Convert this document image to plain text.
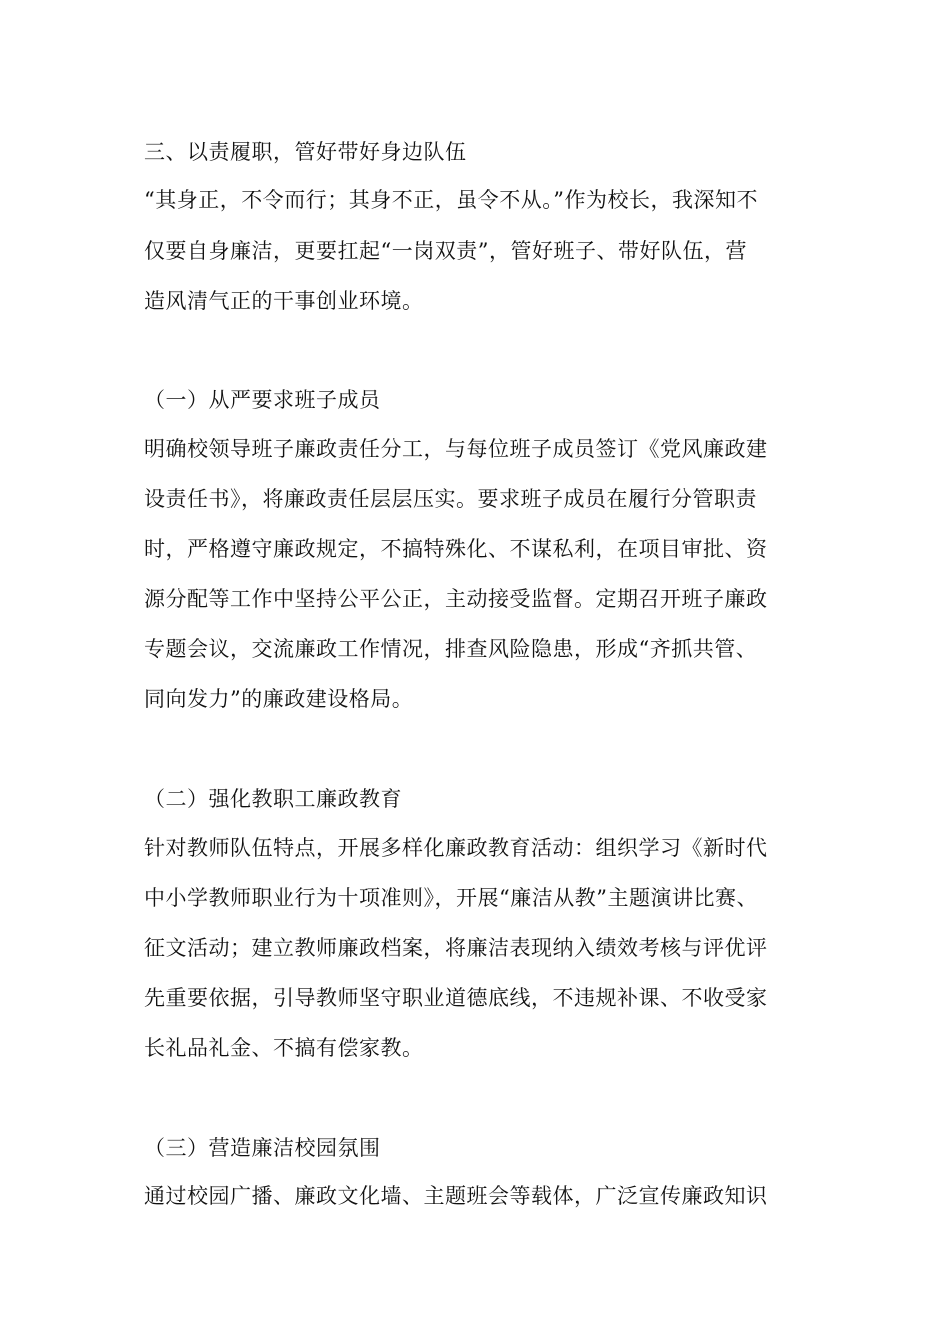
三、以责履职，管好带好身边队伍
“其身正，不令而行；其身不正，虽令不从。”作为校长，我深知不
仅要自身廉洁，更要扛起“一岗双责”，管好班子、带好队伍，营
造风清气正的干事创业环境。
（一）从严要求班子成员
明确校领导班子廉政责任分工，与每位班子成员签订《党风廉政建
设责任书》，将廉政责任层层压实。要求班子成员在履行分管职责
时，严格遵守廉政规定，不搞特殊化、不谋私利，在项目审批、资
源分配等工作中坚持公平公正，主动接受监督。定期召开班子廉政
专题会议，交流廉政工作情况，排查风险隐患，形成“齐抓共管、
同向发力”的廉政建设格局。
（二）强化教职工廉政教育
针对教师队伍特点，开展多样化廉政教育活动：组织学习《新时代
中小学教师职业行为十项准则》，开展“廉洁从教”主题演讲比赛、
征文活动；建立教师廉政档案，将廉洁表现纳入绩效考核与评优评
先重要依据，引导教师坚守职业道德底线，不违规补课、不收受家
长礼品礼金、不搞有偿家教。
（三）营造廉洁校园氛围
通过校园广播、廉政文化墙、主题班会等载体，广泛宣传廉政知识
